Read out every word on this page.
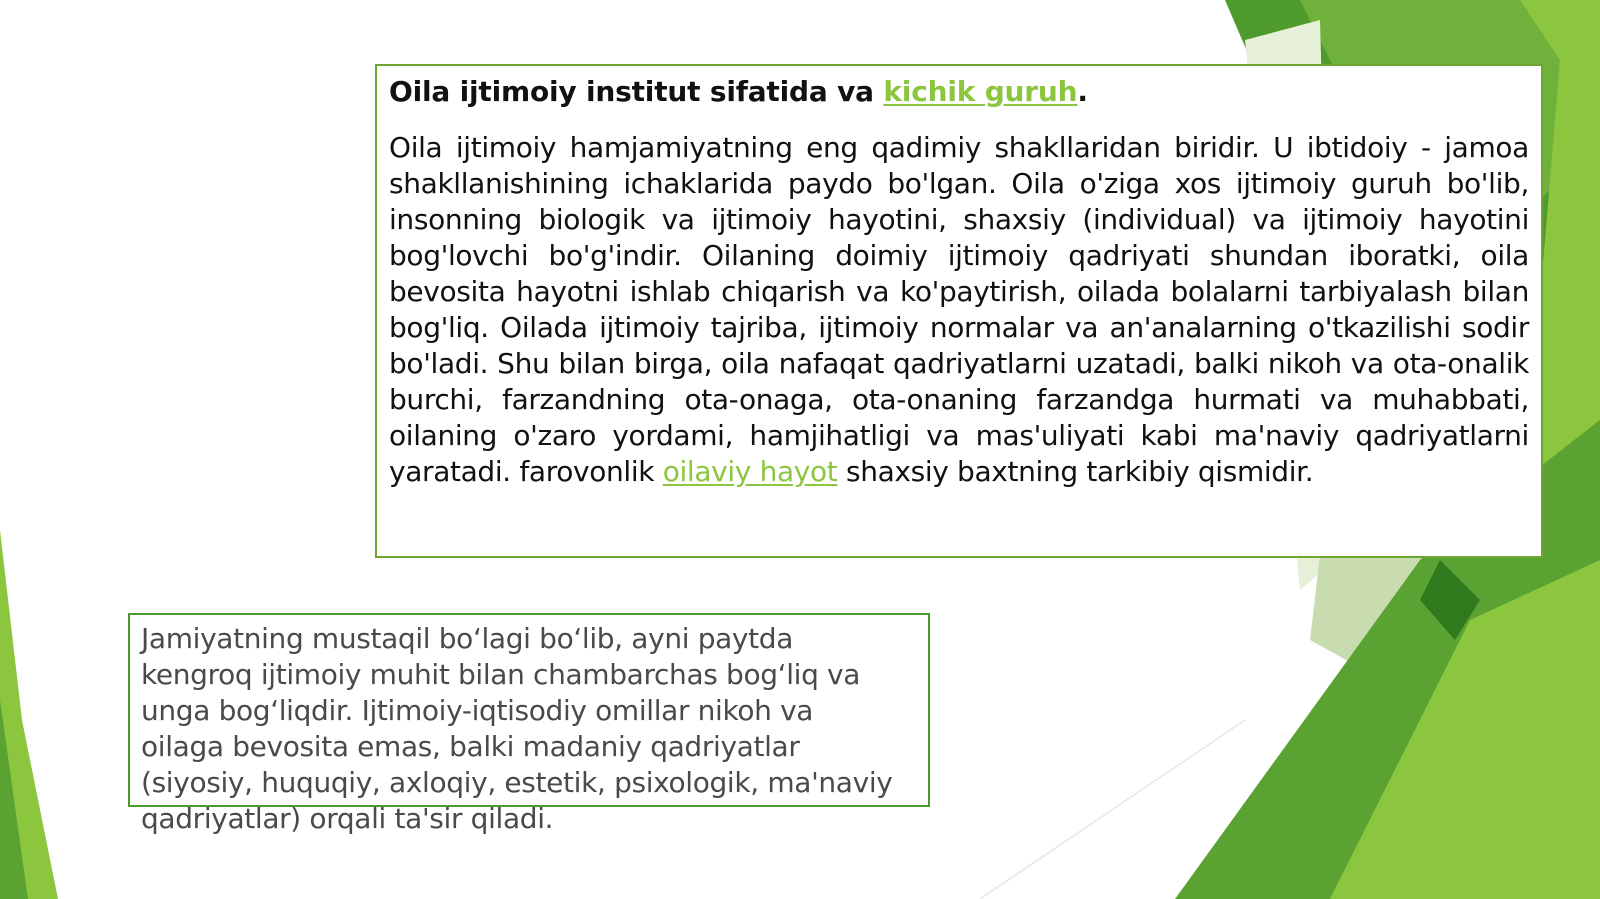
Oila ijtimoiy institut sifatida va kichik guruh.

Oila ijtimoiy hamjamiyatning eng qadimiy shakllaridan biridir. U ibtidoiy - jamoa shakllanishining ichaklarida paydo bo'lgan. Oila o'ziga xos ijtimoiy guruh bo'lib, insonning biologik va ijtimoiy hayotini, shaxsiy (individual) va ijtimoiy hayotini bog'lovchi bo'g'indir. Oilaning doimiy ijtimoiy qadriyati shundan iboratki, oila bevosita hayotni ishlab chiqarish va ko'paytirish, oilada bolalarni tarbiyalash bilan bog'liq. Oilada ijtimoiy tajriba, ijtimoiy normalar va an'analarning o'tkazilishi sodir bo'ladi. Shu bilan birga, oila nafaqat qadriyatlarni uzatadi, balki nikoh va ota-onalik burchi, farzandning ota-onaga, ota-onaning farzandga hurmati va muhabbati, oilaning o'zaro yordami, hamjihatligi va mas'uliyati kabi ma'naviy qadriyatlarni yaratadi. farovonlik oilaviy hayot shaxsiy baxtning tarkibiy qismidir.

Jamiyatning mustaqil bo‘lagi bo‘lib, ayni paytda
kengroq ijtimoiy muhit bilan chambarchas bog‘liq va
unga bog‘liqdir. Ijtimoiy-iqtisodiy omillar nikoh va
oilaga bevosita emas, balki madaniy qadriyatlar
(siyosiy, huquqiy, axloqiy, estetik, psixologik, ma'naviy
qadriyatlar) orqali ta'sir qiladi.
